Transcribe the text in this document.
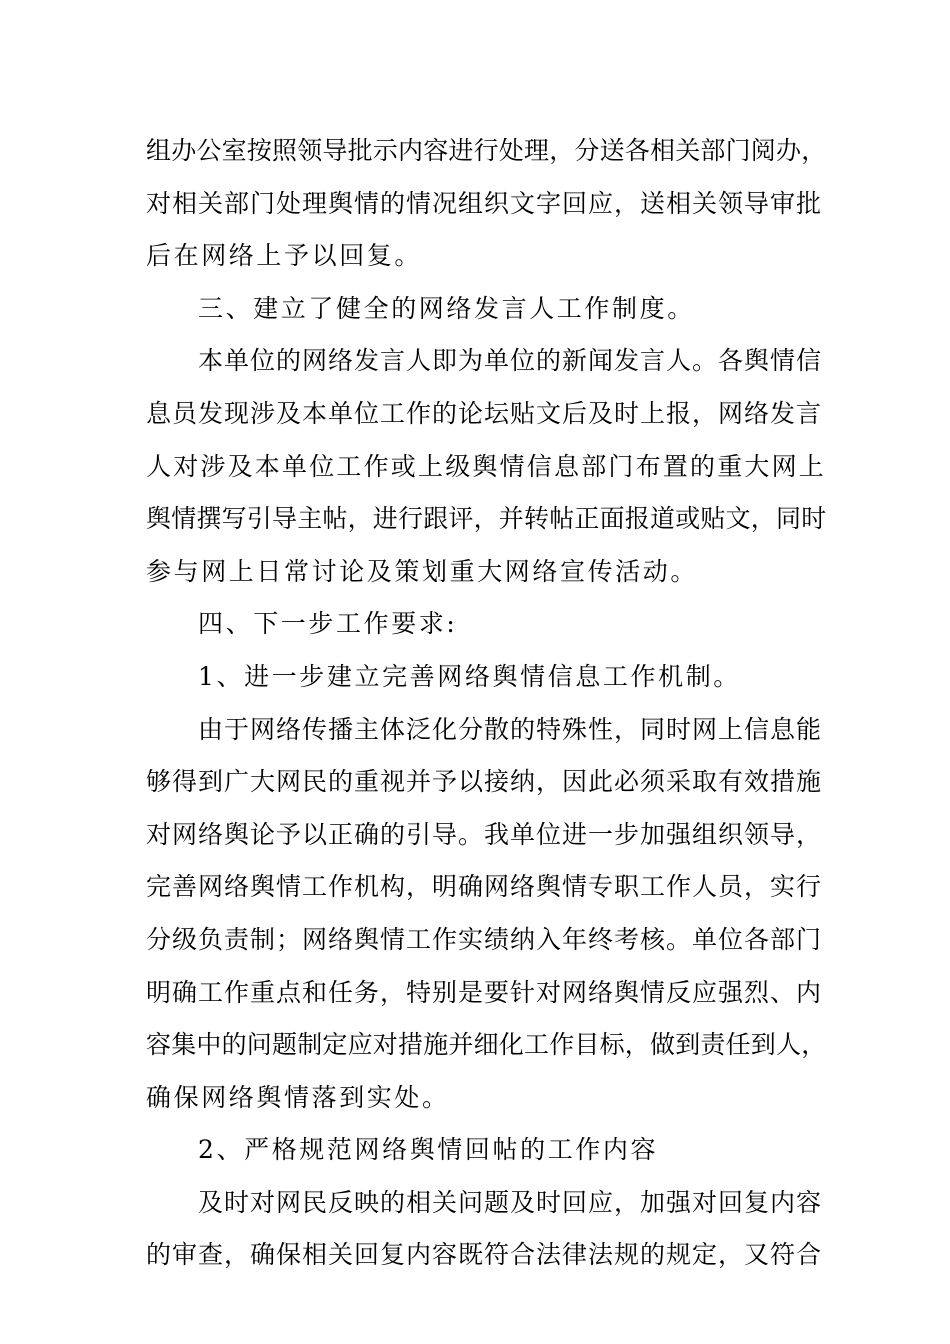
组办公室按照领导批示内容进行处理，分送各相关部门阅办，
对相关部门处理舆情的情况组织文字回应，送相关领导审批
后在网络上予以回复。
三、建立了健全的网络发言人工作制度。
本单位的网络发言人即为单位的新闻发言人。各舆情信
息员发现涉及本单位工作的论坛贴文后及时上报，网络发言
人对涉及本单位工作或上级舆情信息部门布置的重大网上
舆情撰写引导主帖，进行跟评，并转帖正面报道或贴文，同时
参与网上日常讨论及策划重大网络宣传活动。
四、下一步工作要求:
1、进一步建立完善网络舆情信息工作机制。
由于网络传播主体泛化分散的特殊性，同时网上信息能
够得到广大网民的重视并予以接纳，因此必须采取有效措施
对网络舆论予以正确的引导。我单位进一步加强组织领导，
完善网络舆情工作机构，明确网络舆情专职工作人员，实行
分级负责制；网络舆情工作实绩纳入年终考核。单位各部门
明确工作重点和任务，特别是要针对网络舆情反应强烈、内
容集中的问题制定应对措施并细化工作目标，做到责任到人，
确保网络舆情落到实处。
2、严格规范网络舆情回帖的工作内容
及时对网民反映的相关问题及时回应，加强对回复内容
的审查，确保相关回复内容既符合法律法规的规定，又符合
